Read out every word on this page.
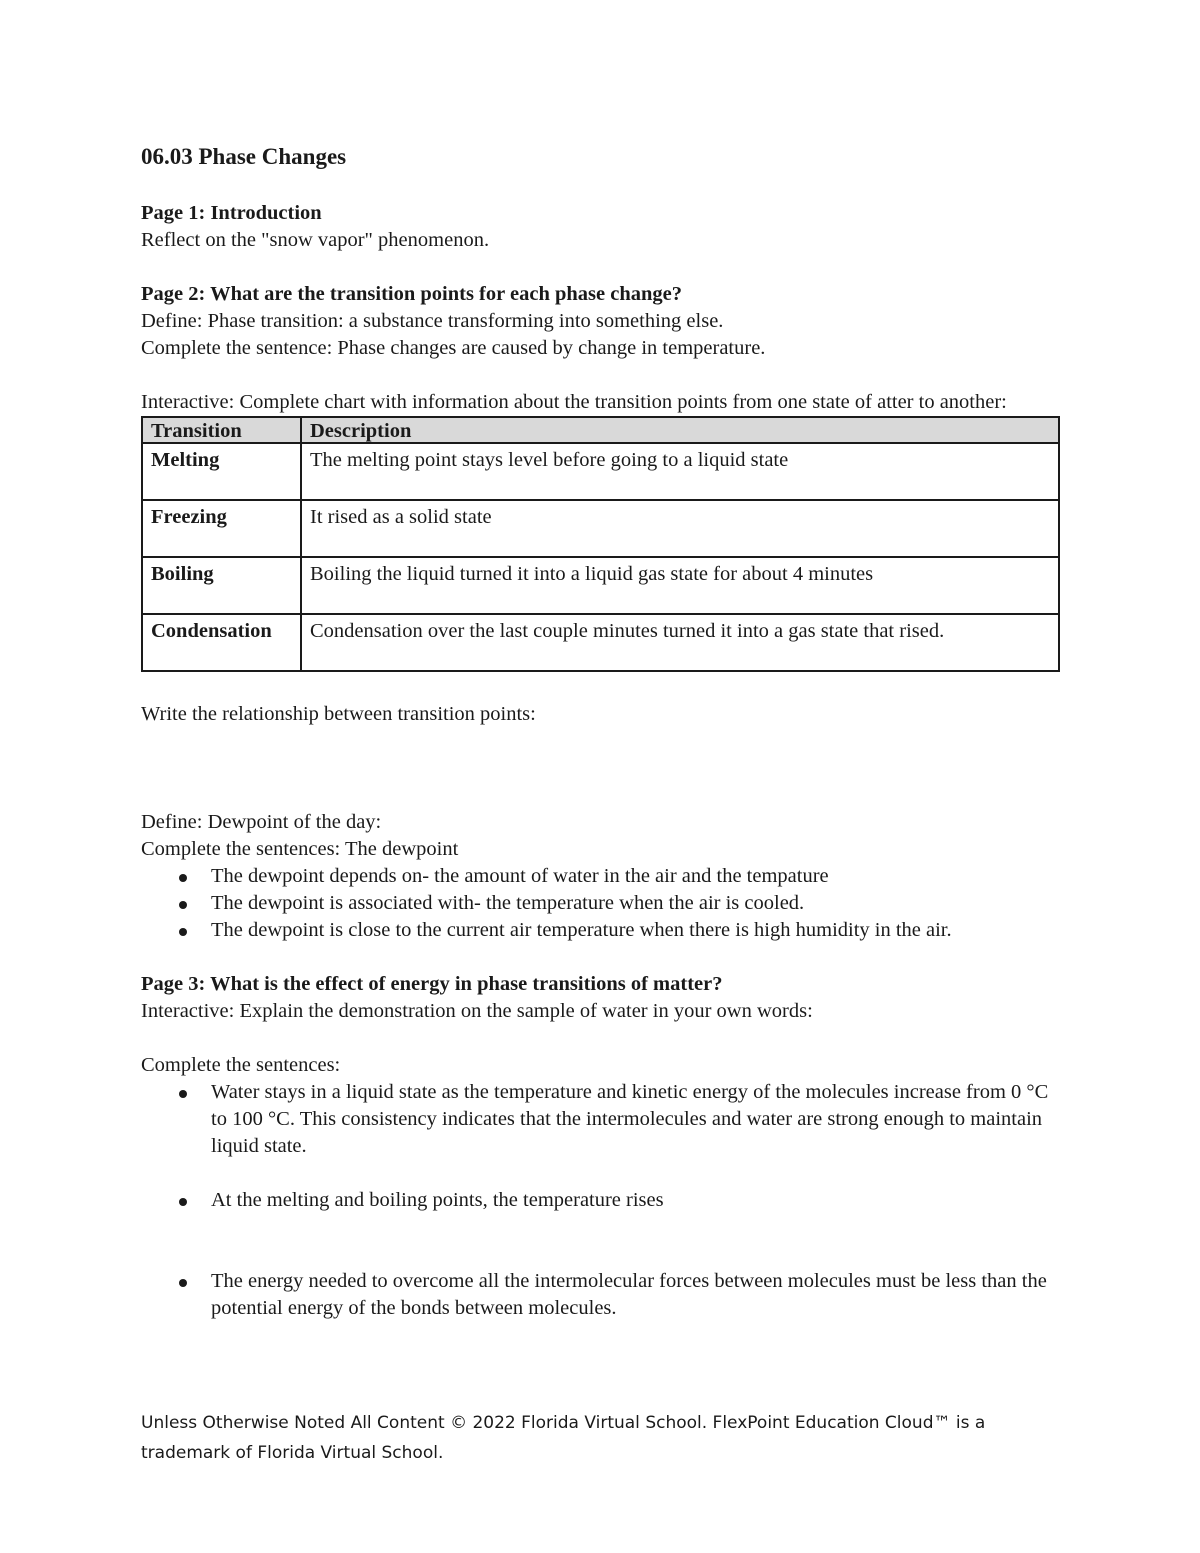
06.03 Phase Changes
Page 1: Introduction
Reflect on the "snow vapor" phenomenon.
Page 2: What are the transition points for each phase change?
Define: Phase transition: a substance transforming into something else.
Complete the sentence: Phase changes are caused by change in temperature.
Interactive: Complete chart with information about the transition points from one state of atter to another:
Transition	Description
Melting	The melting point stays level before going to a liquid state
Freezing	It rised as a solid state
Boiling	Boiling the liquid turned it into a liquid gas state for about 4 minutes
Condensation	Condensation over the last couple minutes turned it into a gas state that rised.
Write the relationship between transition points:
Define: Dewpoint of the day:
Complete the sentences: The dewpoint
The dewpoint depends on- the amount of water in the air and the tempature
The dewpoint is associated with- the temperature when the air is cooled.
The dewpoint is close to the current air temperature when there is high humidity in the air.
Page 3: What is the effect of energy in phase transitions of matter?
Interactive: Explain the demonstration on the sample of water in your own words:
Complete the sentences:
Water stays in a liquid state as the temperature and kinetic energy of the molecules increase from 0 °C to 100 °C. This consistency indicates that the intermolecules and water are strong enough to maintain liquid state.
At the melting and boiling points, the temperature rises
The energy needed to overcome all the intermolecular forces between molecules must be less than the potential energy of the bonds between molecules.
Unless Otherwise Noted All Content © 2022 Florida Virtual School. FlexPoint Education Cloud™ is a trademark of Florida Virtual School.
